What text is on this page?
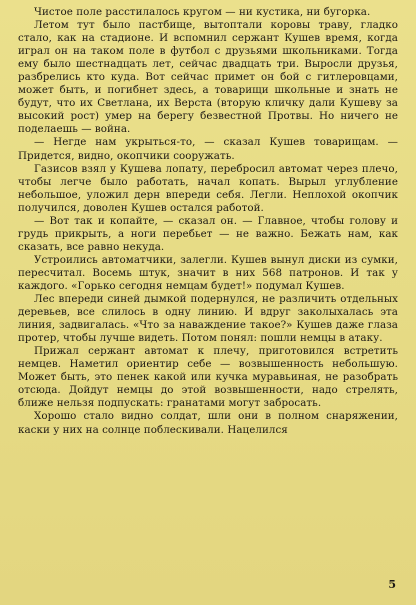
Чистое поле расстилалось кругом — ни кустика, ни бугорка.

Летом тут было пастбище, вытоптали коровы траву, гладко стало, как на стадионе. И вспомнил сержант Кушев время, когда играл он на таком поле в футбол с друзьями школьниками. Тогда ему было шестнадцать лет, сейчас двадцать три. Выросли друзья, разбрелись кто куда. Вот сейчас примет он бой с гитлеровцами, может быть, и погибнет здесь, а товарищи школьные и знать не будут, что их Светлана, их Верста (вторую кличку дали Кушеву за высокий рост) умер на берегу безвестной Протвы. Но ничего не поделаешь — война.

— Негде нам укрыться-то, — сказал Кушев товарищам. — Придется, видно, окопчики сооружать.

Газисов взял у Кушева лопату, перебросил автомат через плечо, чтобы легче было работать, начал копать. Вырыл углубление небольшое, уложил дерн впереди себя. Легли. Неплохой окопчик получился, доволен Кушев остался работой.

— Вот так и копайте, — сказал он. — Главное, чтобы голову и грудь прикрыть, а ноги перебьет — не важно. Бежать нам, как сказать, все равно некуда.

Устроились автоматчики, залегли. Кушев вынул диски из сумки, пересчитал. Восемь штук, значит в них 568 патронов. И так у каждого. «Горько сегодня немцам будет!» подумал Кушев.

Лес впереди синей дымкой подернулся, не различить отдельных деревьев, все слилось в одну линию. И вдруг заколыхалась эта линия, задвигалась. «Что за наваждение такое?» Кушев даже глаза протер, чтобы лучше видеть. Потом понял: пошли немцы в атаку.

Прижал сержант автомат к плечу, приготовился встретить немцев. Наметил ориентир себе — возвышенность небольшую. Может быть, это пенек какой или кучка муравьиная, не разобрать отсюда. Дойдут немцы до этой возвышенности, надо стрелять, ближе нельзя подпускать: гранатами могут забросать.

Хорошо стало видно солдат, шли они в полном снаряжении, каски у них на солнце поблескивали. Нацелился

5
